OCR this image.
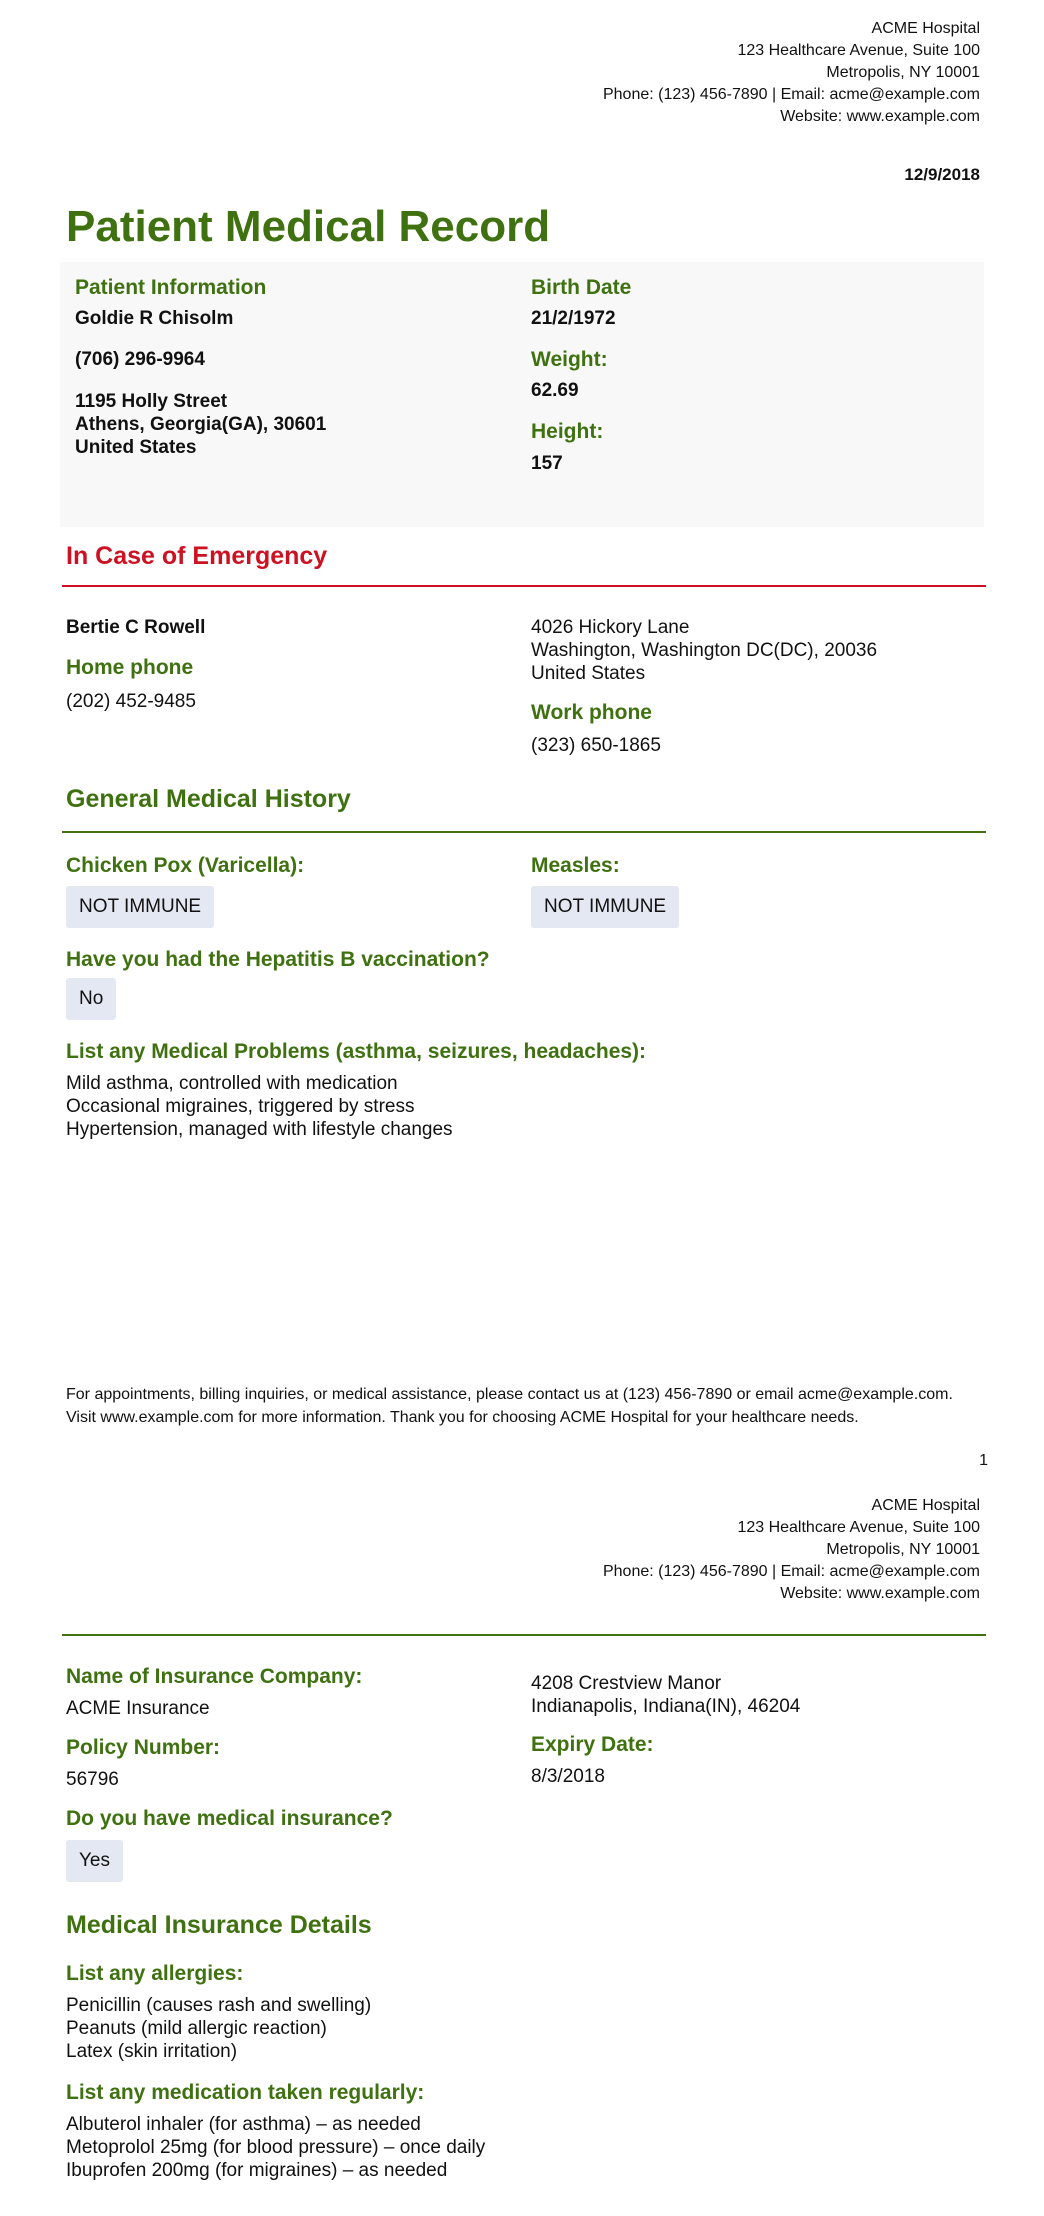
ACME Hospital
123 Healthcare Avenue, Suite 100
Metropolis, NY 10001
Phone: (123) 456-7890 | Email: acme@example.com
Website: www.example.com
12/9/2018
Patient Medical Record
Patient Information
Goldie R Chisolm
(706) 296-9964
1195 Holly Street
Athens, Georgia(GA), 30601
United States
Birth Date
21/2/1972
Weight:
62.69
Height:
157
In Case of Emergency
Bertie C Rowell
Home phone
(202) 452-9485
4026 Hickory Lane
Washington, Washington DC(DC), 20036
United States
Work phone
(323) 650-1865
General Medical History
Chicken Pox (Varicella):
NOT IMMUNE
Measles:
NOT IMMUNE
Have you had the Hepatitis B vaccination?
No
List any Medical Problems (asthma, seizures, headaches):
Mild asthma, controlled with medication
Occasional migraines, triggered by stress
Hypertension, managed with lifestyle changes
For appointments, billing inquiries, or medical assistance, please contact us at (123) 456-7890 or email acme@example.com.
Visit www.example.com for more information. Thank you for choosing ACME Hospital for your healthcare needs.
1
ACME Hospital
123 Healthcare Avenue, Suite 100
Metropolis, NY 10001
Phone: (123) 456-7890 | Email: acme@example.com
Website: www.example.com
Name of Insurance Company:
ACME Insurance
4208 Crestview Manor
Indianapolis, Indiana(IN), 46204
Policy Number:
56796
Expiry Date:
8/3/2018
Do you have medical insurance?
Yes
Medical Insurance Details
List any allergies:
Penicillin (causes rash and swelling)
Peanuts (mild allergic reaction)
Latex (skin irritation)
List any medication taken regularly:
Albuterol inhaler (for asthma) – as needed
Metoprolol 25mg (for blood pressure) – once daily
Ibuprofen 200mg (for migraines) – as needed
